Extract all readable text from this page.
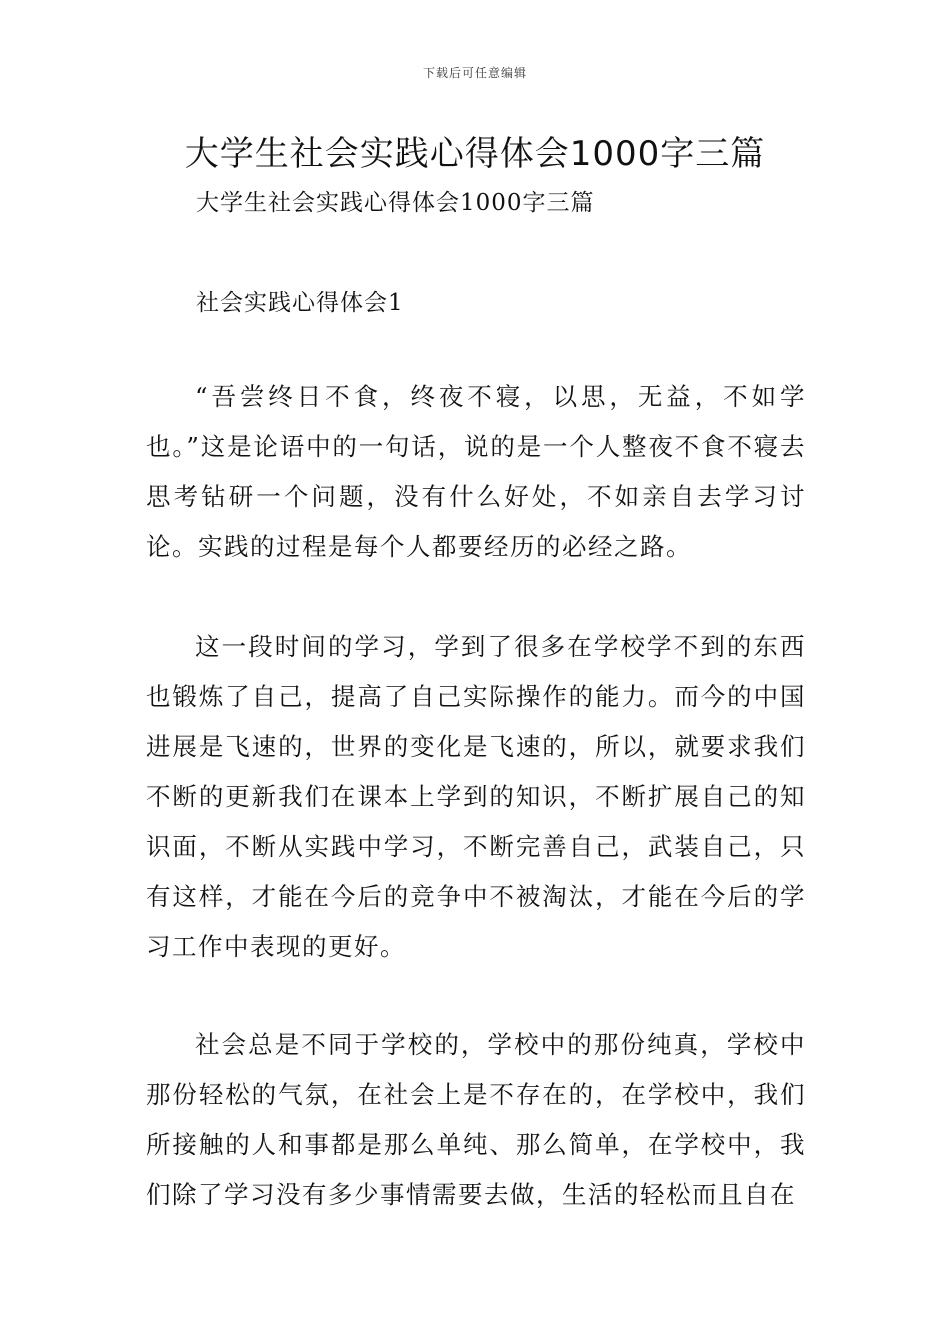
下载后可任意编辑
大学生社会实践心得体会1000字三篇
大学生社会实践心得体会1000字三篇
社会实践心得体会1

“吾尝终日不食，终夜不寝，以思，无益，不如学也。”这是论语中的一句话，说的是一个人整夜不食不寝去思考钻研一个问题，没有什么好处，不如亲自去学习讨论。实践的过程是每个人都要经历的必经之路。

这一段时间的学习，学到了很多在学校学不到的东西也锻炼了自己，提高了自己实际操作的能力。而今的中国进展是飞速的，世界的变化是飞速的，所以，就要求我们不断的更新我们在课本上学到的知识，不断扩展自己的知识面，不断从实践中学习，不断完善自己，武装自己，只有这样，才能在今后的竞争中不被淘汰，才能在今后的学习工作中表现的更好。

社会总是不同于学校的，学校中的那份纯真，学校中那份轻松的气氛，在社会上是不存在的，在学校中，我们所接触的人和事都是那么单纯、那么简单，在学校中，我们除了学习没有多少事情需要去做，生活的轻松而且自在
